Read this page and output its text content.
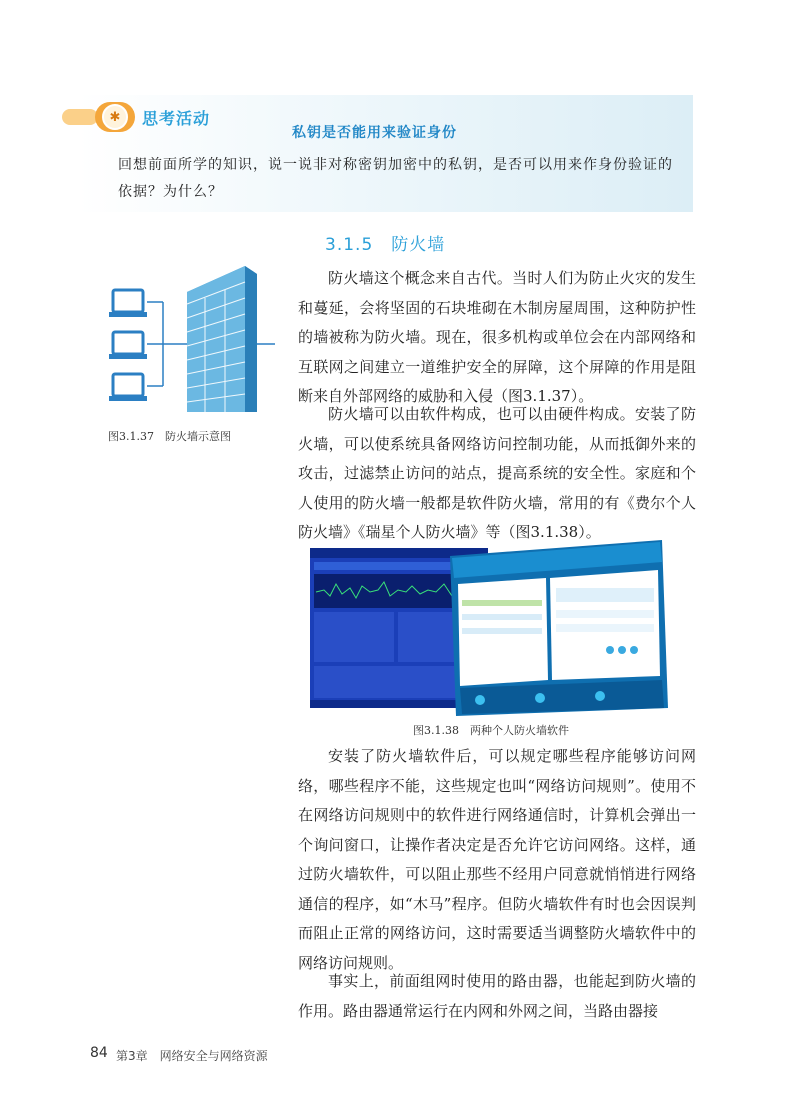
✱	思考活动
私钥是否能用来验证身份
回想前面所学的知识，说一说非对称密钥加密中的私钥，是否可以用来作身份验证的依据？为什么？
3.1.5　防火墙
图3.1.37　防火墙示意图

防火墙这个概念来自古代。当时人们为防止火灾的发生和蔓延，会将坚固的石块堆砌在木制房屋周围，这种防护性的墙被称为防火墙。现在，很多机构或单位会在内部网络和互联网之间建立一道维护安全的屏障，这个屏障的作用是阻断来自外部网络的威胁和入侵（图3.1.37）。

防火墙可以由软件构成，也可以由硬件构成。安装了防火墙，可以使系统具备网络访问控制功能，从而抵御外来的攻击，过滤禁止访问的站点，提高系统的安全性。家庭和个人使用的防火墙一般都是软件防火墙，常用的有《费尔个人防火墙》《瑞星个人防火墙》等（图3.1.38）。

图3.1.38　两种个人防火墙软件

安装了防火墙软件后，可以规定哪些程序能够访问网络，哪些程序不能，这些规定也叫“网络访问规则”。使用不在网络访问规则中的软件进行网络通信时，计算机会弹出一个询问窗口，让操作者决定是否允许它访问网络。这样，通过防火墙软件，可以阻止那些不经用户同意就悄悄进行网络通信的程序，如“木马”程序。但防火墙软件有时也会因误判而阻止正常的网络访问，这时需要适当调整防火墙软件中的网络访问规则。

事实上，前面组网时使用的路由器，也能起到防火墙的作用。路由器通常运行在内网和外网之间，当路由器接

84 第3章　网络安全与网络资源
